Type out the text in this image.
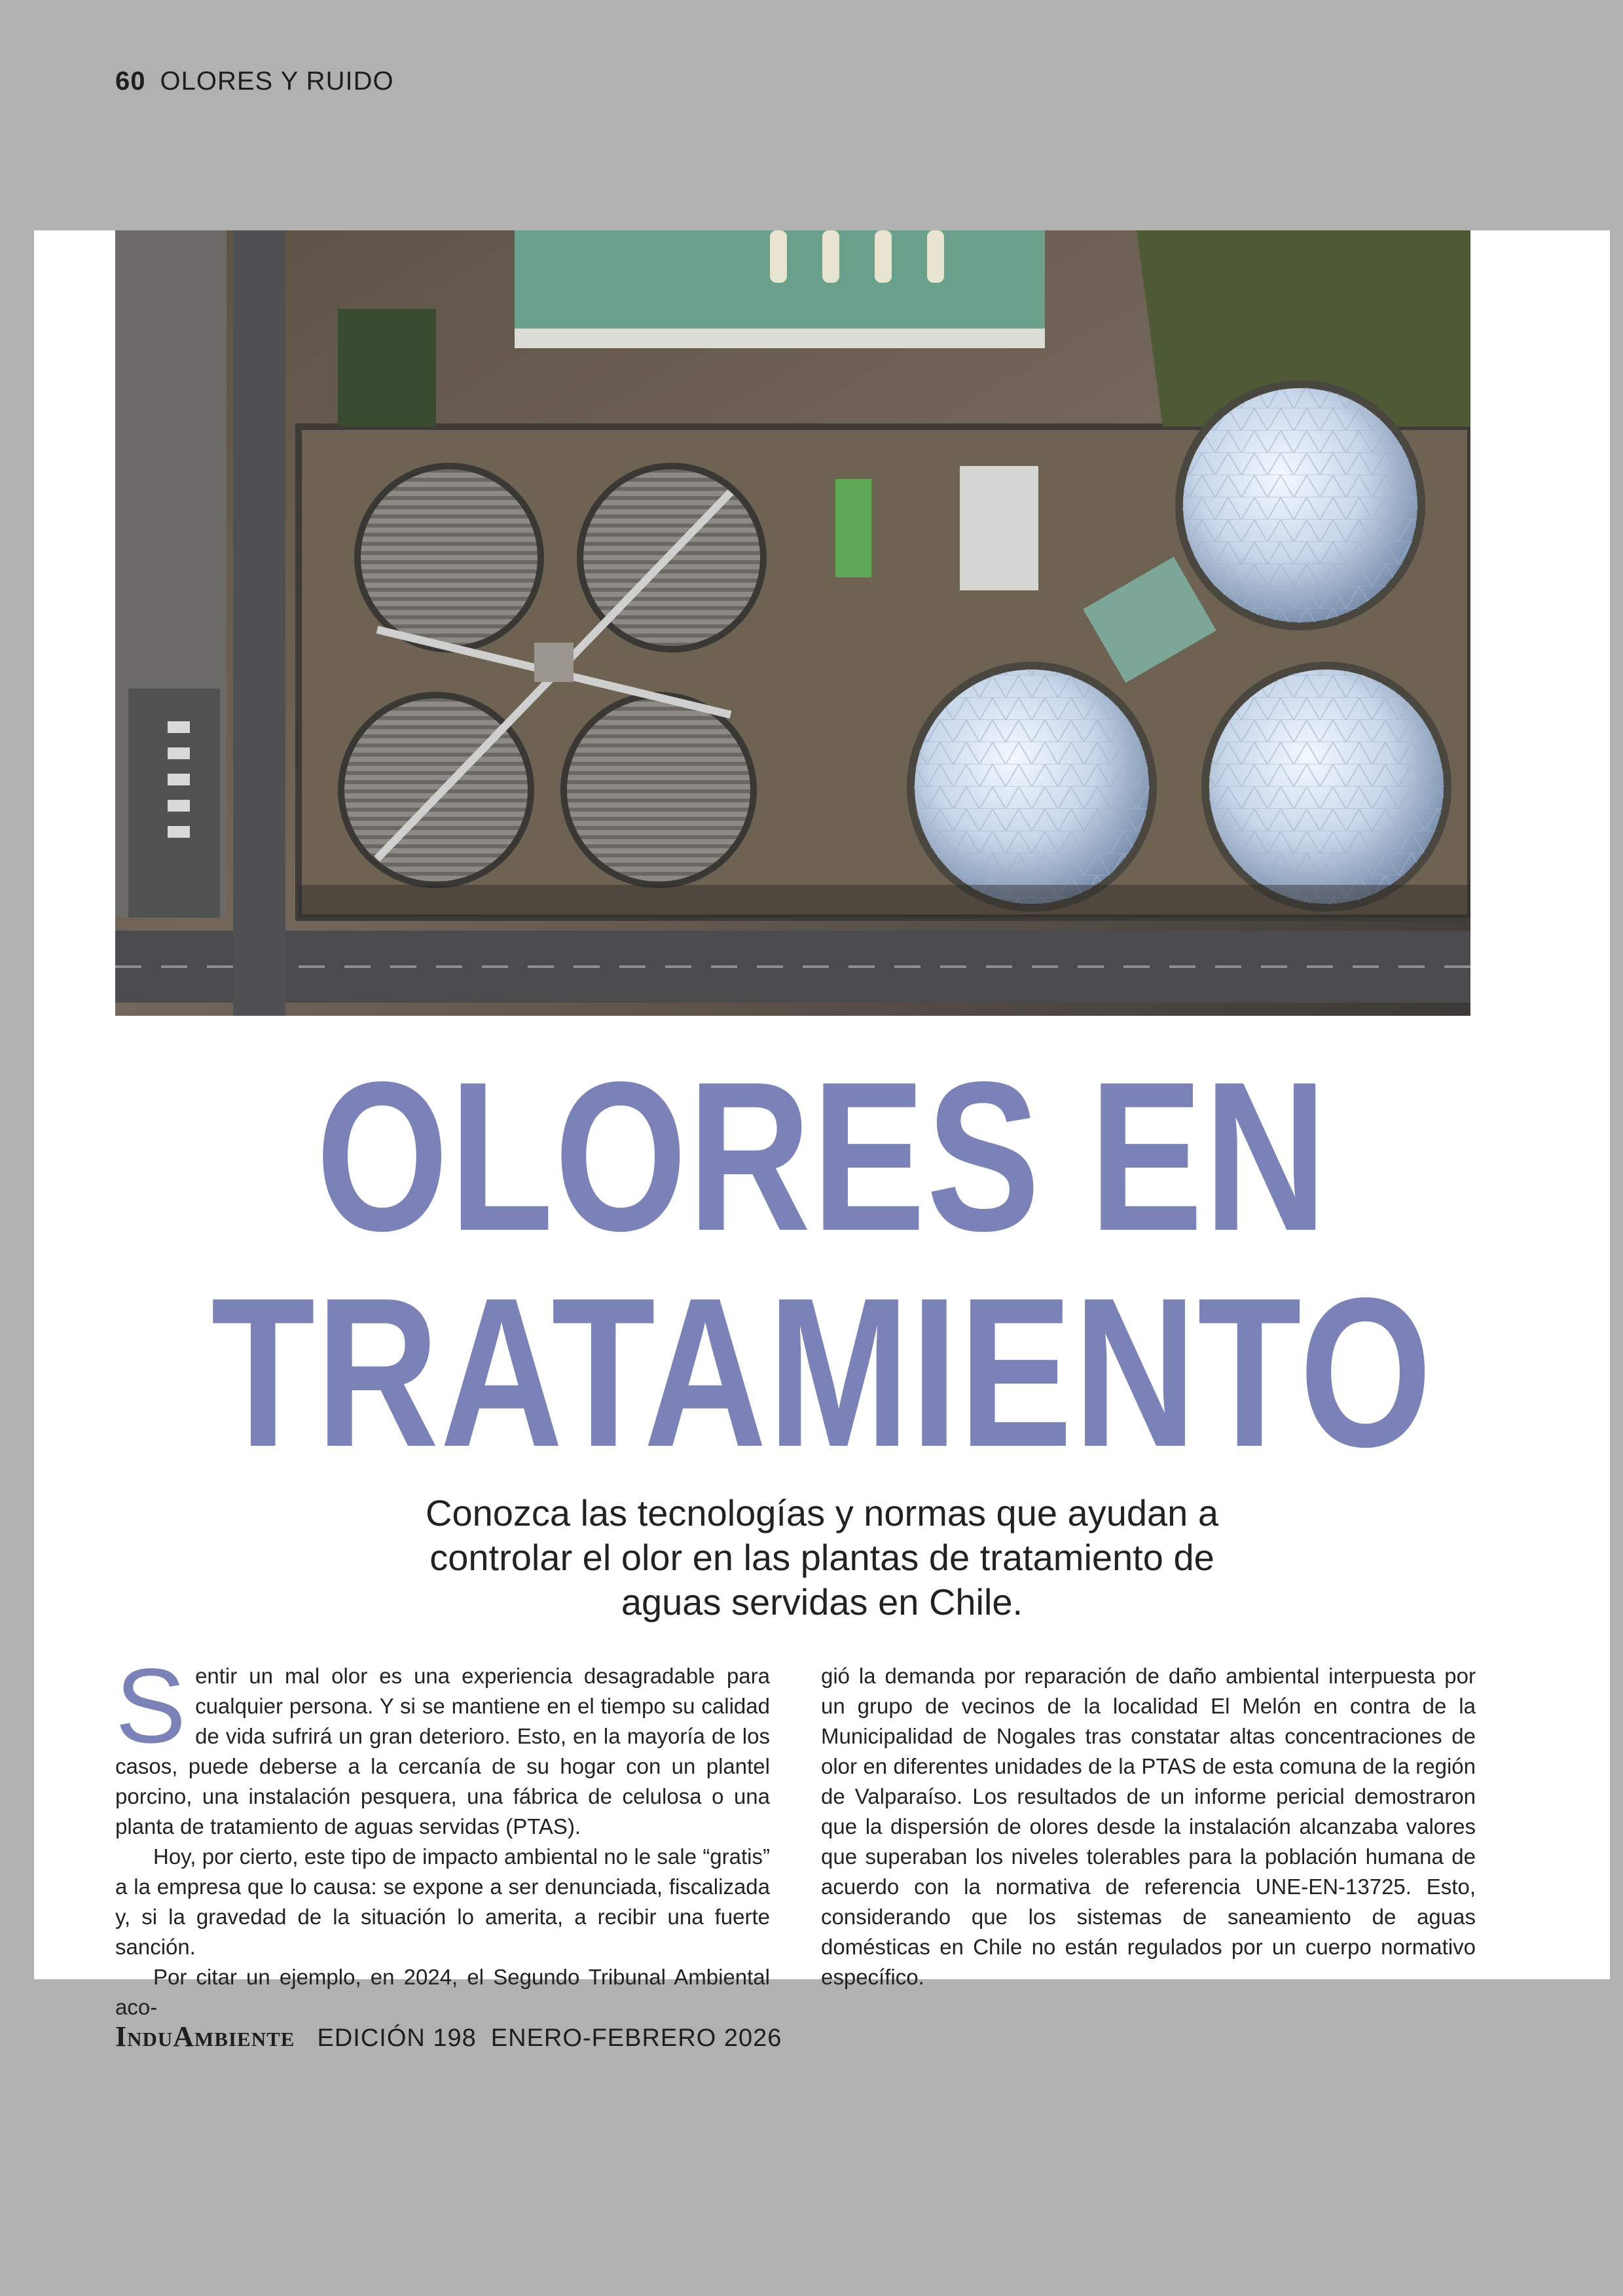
60 OLORES Y RUIDO
OLORES EN
TRATAMIENTO
Conozca las tecnologías y normas que ayudan a
controlar el olor en las plantas de tratamiento de
aguas servidas en Chile.

Sentir un mal olor es una experiencia desagradable para cualquier persona. Y si se mantiene en el tiempo su calidad de vida sufrirá un gran deterioro. Esto, en la mayoría de los casos, puede deberse a la cercanía de su hogar con un plantel porcino, una instalación pesquera, una fábrica de celulosa o una planta de tratamiento de aguas servidas (PTAS).

Hoy, por cierto, este tipo de impacto ambiental no le sale “gratis” a la empresa que lo causa: se expone a ser denunciada, fiscalizada y, si la gravedad de la situación lo amerita, a recibir una fuerte sanción.

Por citar un ejemplo, en 2024, el Segundo Tribunal Ambiental aco-

gió la demanda por reparación de daño ambiental interpuesta por un grupo de vecinos de la localidad El Melón en contra de la Municipalidad de Nogales tras constatar altas concentraciones de olor en diferentes unidades de la PTAS de esta comuna de la región de Valparaíso. Los resultados de un informe pericial demostraron que la dispersión de olores desde la instalación alcanzaba valores que superaban los niveles tolerables para la población humana de acuerdo con la normativa de referencia UNE-EN-13725. Esto, considerando que los sistemas de saneamiento de aguas domésticas en Chile no están regulados por un cuerpo normativo específico.

InduAmbiente EDICIÓN 198 ENERO-FEBRERO 2026
